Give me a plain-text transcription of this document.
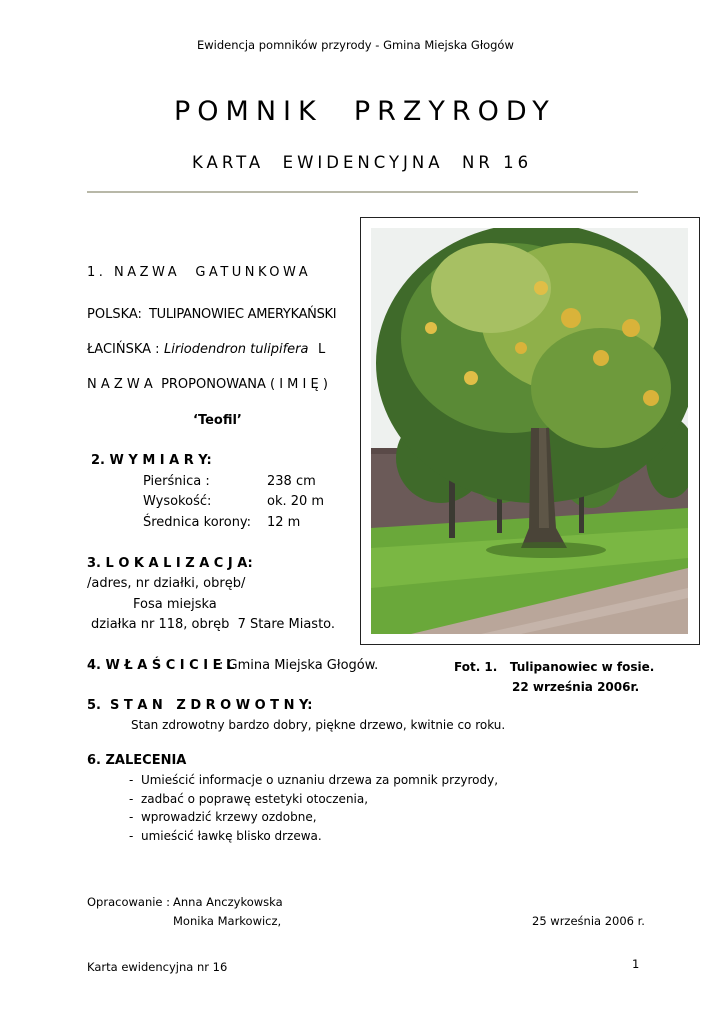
Ewidencja pomników przyrody - Gmina Miejska Głogów
POMNIK  PRZYRODY
KARTA  EWIDENCYJNA  NR 16
1. NAZWA  GATUNKOWA
POLSKA: TULIPANOWIEC AMERYKAŃSKI
ŁACIŃSKA : Liriodendron tulipifera L
N A Z W A  PROPONOWANA ( I M I Ę )
‘Teofil’
2. W Y M I A R Y:
Pierśnica :	238 cm
Wysokość:	ok. 20 m
Średnica korony: 12 m
3. L O K A L I Z A C J A:
/adres, nr działki, obręb/
Fosa miejska
działka nr 118, obręb  7 Stare Miasto.
4. W Ł A Ś C I C I E L
: Gmina Miejska Głogów.	Fot. 1.   Tulipanowiec w fosie.
22 września 2006r.
5.  S T A N   Z D R O W O T N Y:
Stan zdrowotny bardzo dobry, piękne drzewo, kwitnie co roku.
6. ZALECENIA
-  Umieścić informacje o uznaniu drzewa za pomnik przyrody,
-  zadbać o poprawę estetyki otoczenia,
-  wprowadzić krzewy ozdobne,
-  umieścić ławkę blisko drzewa.
Opracowanie : Anna Anczykowska
Monika Markowicz,	25 września 2006 r.
Karta ewidencyjna nr 16	1
